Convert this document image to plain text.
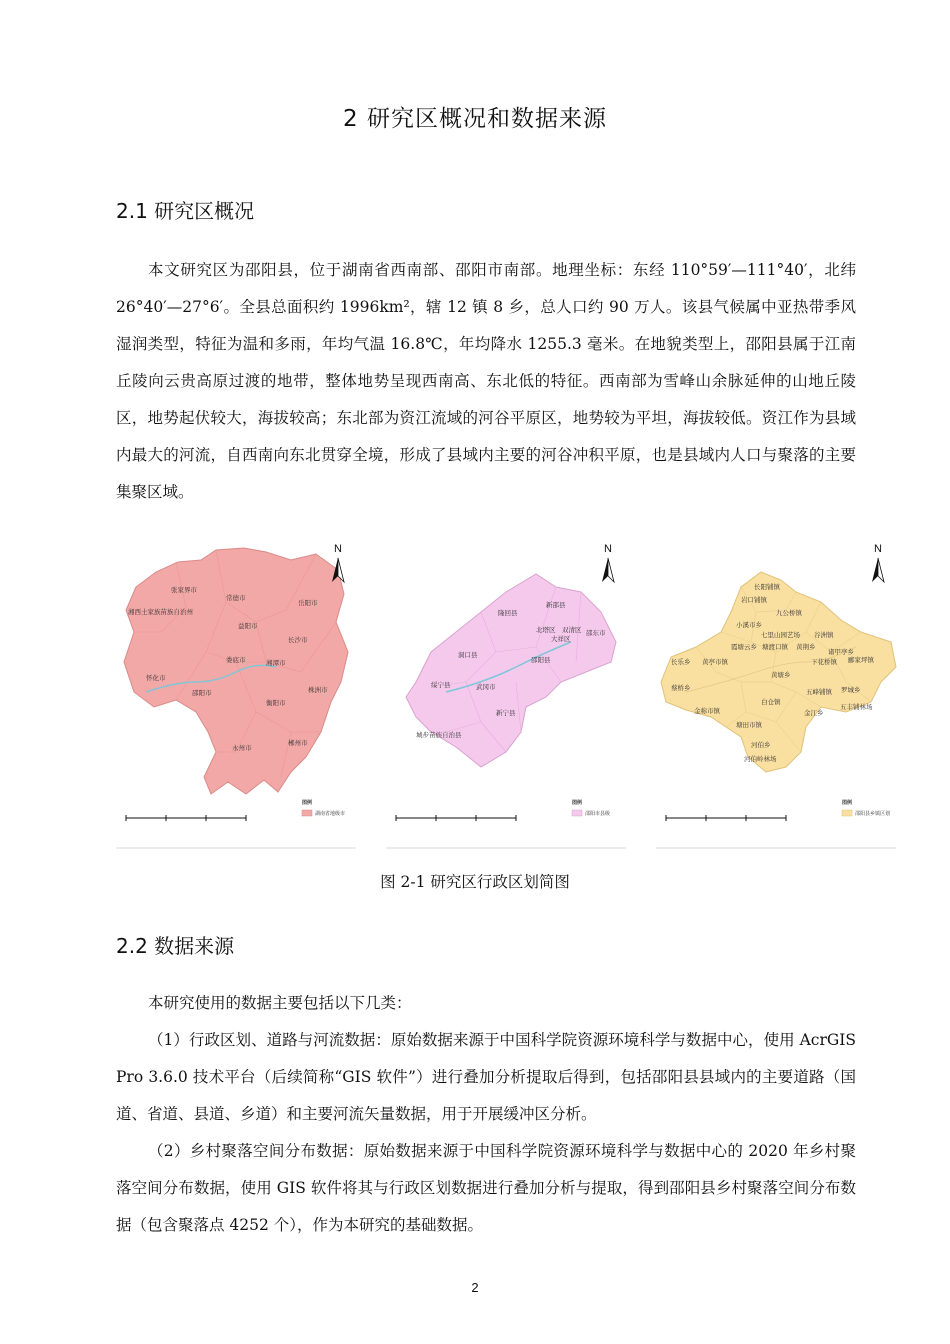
2 研究区概况和数据来源
2.1 研究区概况

本文研究区为邵阳县，位于湖南省西南部、邵阳市南部。地理坐标：东经 110°59′—111°40′，北纬 26°40′—27°6′。全县总面积约 1996km²，辖 12 镇 8 乡，总人口约 90 万人。该县气候属中亚热带季风湿润类型，特征为温和多雨，年均气温 16.8℃，年均降水 1255.3 毫米。在地貌类型上，邵阳县属于江南丘陵向云贵高原过渡的地带，整体地势呈现西南高、东北低的特征。西南部为雪峰山余脉延伸的山地丘陵区，地势起伏较大，海拔较高；东北部为资江流域的河谷平原区，地势较为平坦，海拔较低。资江作为县域内最大的河流，自西南向东北贯穿全境，形成了县域内主要的河谷冲积平原，也是县域内人口与聚落的主要集聚区域。

N
图例
湖南省地级市
张家界市
常德市
湘西土家族苗族自治州
岳阳市
益阳市
长沙市
娄底市	湘潭市
怀化市
邵阳市	株洲市
衡阳市
永州市
郴州市
N
图例
邵阳市县级
新邵县
隆回县
北塔区 双清区
大祥区
邵东市
洞口县
邵阳县
绥宁县	武冈市
新宁县
城步苗族自治县
N
图例
邵阳县乡镇区划
长阳铺镇
岩口铺镇
九公桥镇
小溪市乡
七里山园艺场 谷洲镇
霞塘云乡 塘渡口镇 黄荆乡
诸甲亭乡
长乐乡 黄亭市镇	下花桥镇 郦家坪镇
黄塘乡
蔡桥乡	五峰铺镇 罗城乡
白仓镇
金称市镇	金江乡
五丰铺林场
塘田市镇
河伯乡
河伯岭林场
图 2-1 研究区行政区划简图
2.2 数据来源

本研究使用的数据主要包括以下几类：

（1）行政区划、道路与河流数据：原始数据来源于中国科学院资源环境科学与数据中心，使用 AcrGIS Pro 3.6.0 技术平台（后续简称“GIS 软件”）进行叠加分析提取后得到，包括邵阳县县域内的主要道路（国道、省道、县道、乡道）和主要河流矢量数据，用于开展缓冲区分析。

（2）乡村聚落空间分布数据：原始数据来源于中国科学院资源环境科学与数据中心的 2020 年乡村聚落空间分布数据，使用 GIS 软件将其与行政区划数据进行叠加分析与提取，得到邵阳县乡村聚落空间分布数据（包含聚落点 4252 个），作为本研究的基础数据。

2
